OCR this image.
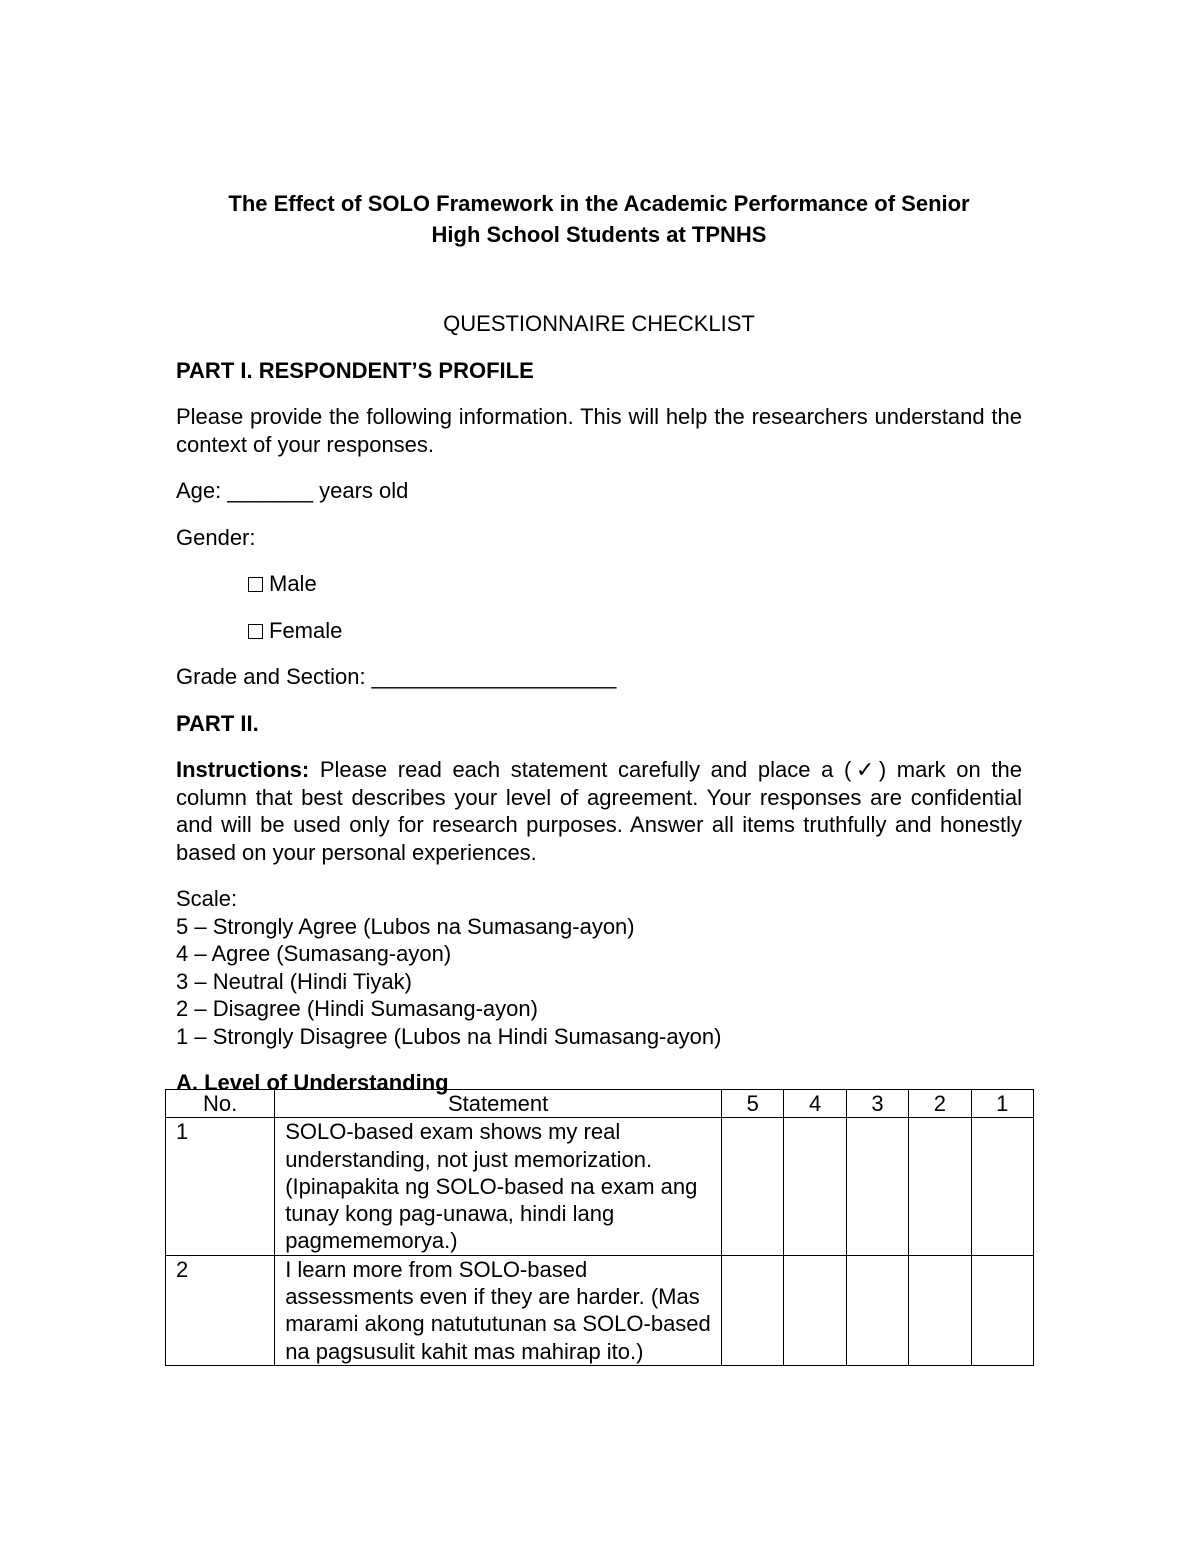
The Effect of SOLO Framework in the Academic Performance of Senior

High School Students at TPNHS

QUESTIONNAIRE CHECKLIST

PART I. RESPONDENT’S PROFILE

Please provide the following information. This will help the researchers understand the context of your responses.

Age: _______ years old

Gender:

Male

Female

Grade and Section: ____________________

PART II.

Instructions: Please read each statement carefully and place a (✓) mark on the column that best describes your level of agreement. Your responses are confidential and will be used only for research purposes. Answer all items truthfully and honestly based on your personal experiences.

Scale:

5 – Strongly Agree (Lubos na Sumasang-ayon)

4 – Agree (Sumasang-ayon)

3 – Neutral (Hindi Tiyak)

2 – Disagree (Hindi Sumasang-ayon)

1 – Strongly Disagree (Lubos na Hindi Sumasang-ayon)

A. Level of Understanding

No.	Statement	5	4	3	2	1
1	SOLO-based exam shows my real understanding, not just memorization. (Ipinapakita ng SOLO-based na exam ang tunay kong pag-unawa, hindi lang pagmememorya.)					
2	I learn more from SOLO-based assessments even if they are harder. (Mas marami akong natututunan sa SOLO-based na pagsusulit kahit mas mahirap ito.)					
